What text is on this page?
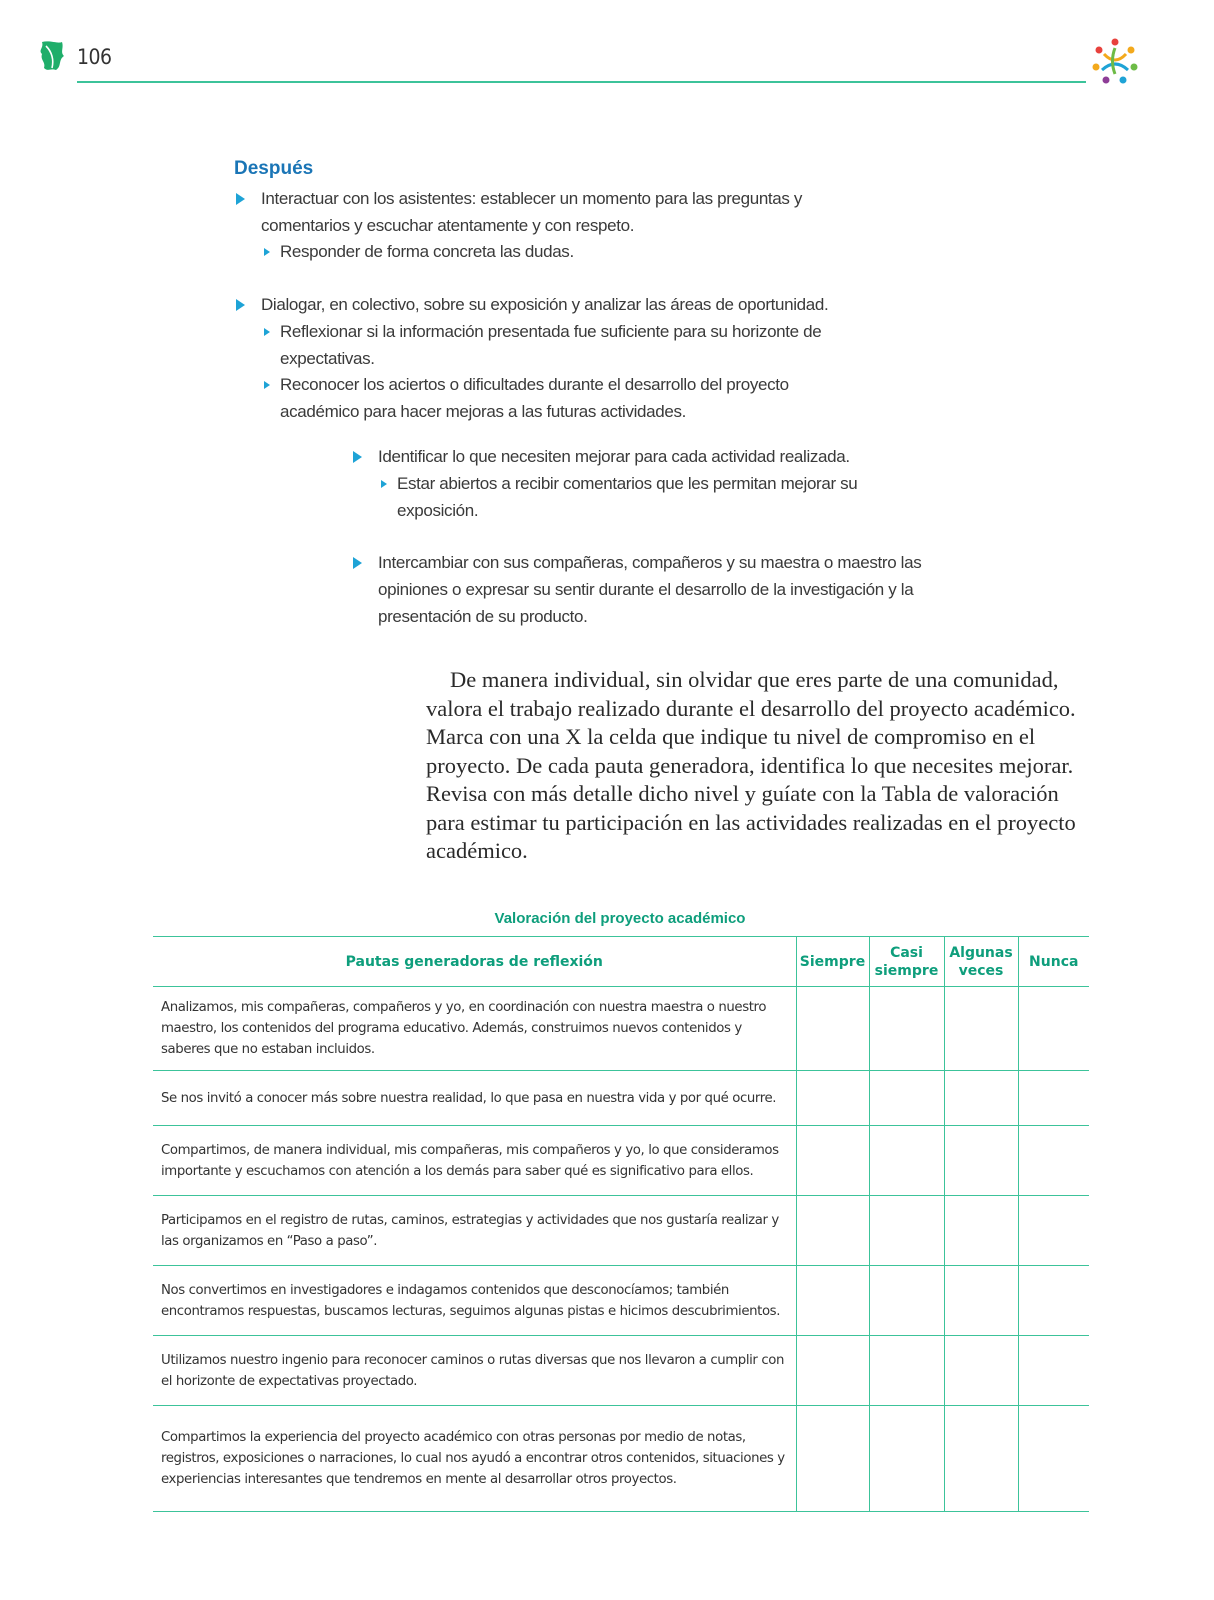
106
Después
Interactuar con los asistentes: establecer un momento para las preguntas y comentarios y escuchar atentamente y con respeto.
Responder de forma concreta las dudas.
Dialogar, en colectivo, sobre su exposición y analizar las áreas de oportunidad.
Reflexionar si la información presentada fue suficiente para su horizonte de expectativas.
Reconocer los aciertos o dificultades durante el desarrollo del proyecto académico para hacer mejoras a las futuras actividades.
Identificar lo que necesiten mejorar para cada actividad realizada.
Estar abiertos a recibir comentarios que les permitan mejorar su exposición.
Intercambiar con sus compañeras, compañeros y su maestra o maestro las opiniones o expresar su sentir durante el desarrollo de la investigación y la presentación de su producto.

De manera individual, sin olvidar que eres parte de una comunidad, valora el trabajo realizado durante el desarrollo del proyecto académico. Marca con una X la celda que indique tu nivel de compromiso en el proyecto. De cada pauta generadora, identifica lo que necesites mejorar. Revisa con más detalle dicho nivel y guíate con la Tabla de valoración para estimar tu participación en las actividades realizadas en el proyecto académico.

Valoración del proyecto académico
Pautas generadoras de reflexión	Siempre	Casi siempre	Algunas veces	Nunca
Analizamos, mis compañeras, compañeros y yo, en coordinación con nuestra maestra o nuestro maestro, los contenidos del programa educativo. Además, construimos nuevos contenidos y saberes que no estaban incluidos.				
Se nos invitó a conocer más sobre nuestra realidad, lo que pasa en nuestra vida y por qué ocurre.				
Compartimos, de manera individual, mis compañeras, mis compañeros y yo, lo que consideramos importante y escuchamos con atención a los demás para saber qué es significativo para ellos.				
Participamos en el registro de rutas, caminos, estrategias y actividades que nos gustaría realizar y las organizamos en “Paso a paso”.				
Nos convertimos en investigadores e indagamos contenidos que desconocíamos; también encontramos respuestas, buscamos lecturas, seguimos algunas pistas e hicimos descubrimientos.				
Utilizamos nuestro ingenio para reconocer caminos o rutas diversas que nos llevaron a cumplir con el horizonte de expectativas proyectado.				
Compartimos la experiencia del proyecto académico con otras personas por medio de notas, registros, exposiciones o narraciones, lo cual nos ayudó a encontrar otros contenidos, situaciones y experiencias interesantes que tendremos en mente al desarrollar otros proyectos.				
